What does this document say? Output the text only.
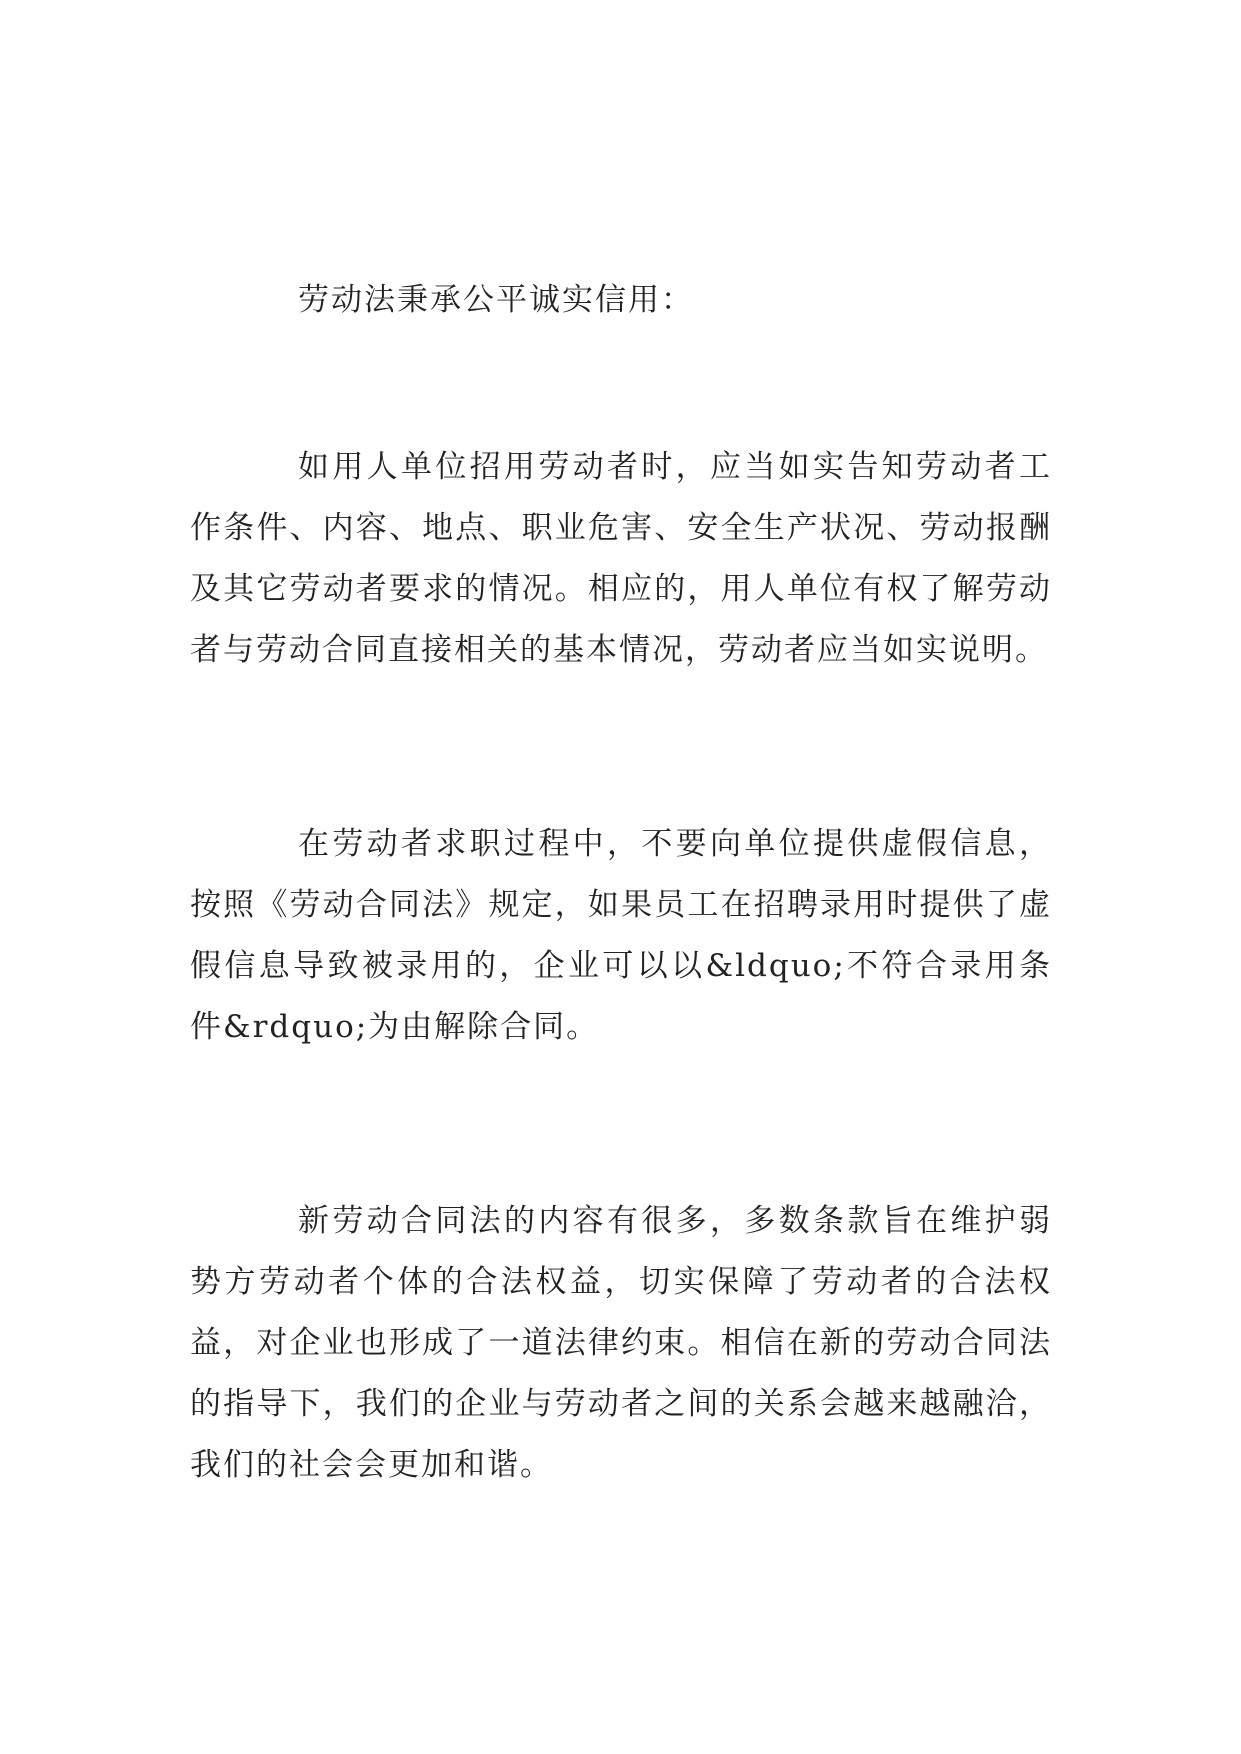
劳动法秉承公平诚实信用：

如用人单位招用劳动者时，应当如实告知劳动者工作条件、内容、地点、职业危害、安全生产状况、劳动报酬及其它劳动者要求的情况。相应的，用人单位有权了解劳动者与劳动合同直接相关的基本情况，劳动者应当如实说明。

在劳动者求职过程中，不要向单位提供虚假信息，按照《劳动合同法》规定，如果员工在招聘录用时提供了虚假信息导致被录用的，企业可以以&ldquo;不符合录用条件&rdquo;为由解除合同。

新劳动合同法的内容有很多，多数条款旨在维护弱势方劳动者个体的合法权益，切实保障了劳动者的合法权益，对企业也形成了一道法律约束。相信在新的劳动合同法的指导下，我们的企业与劳动者之间的关系会越来越融洽，我们的社会会更加和谐。
